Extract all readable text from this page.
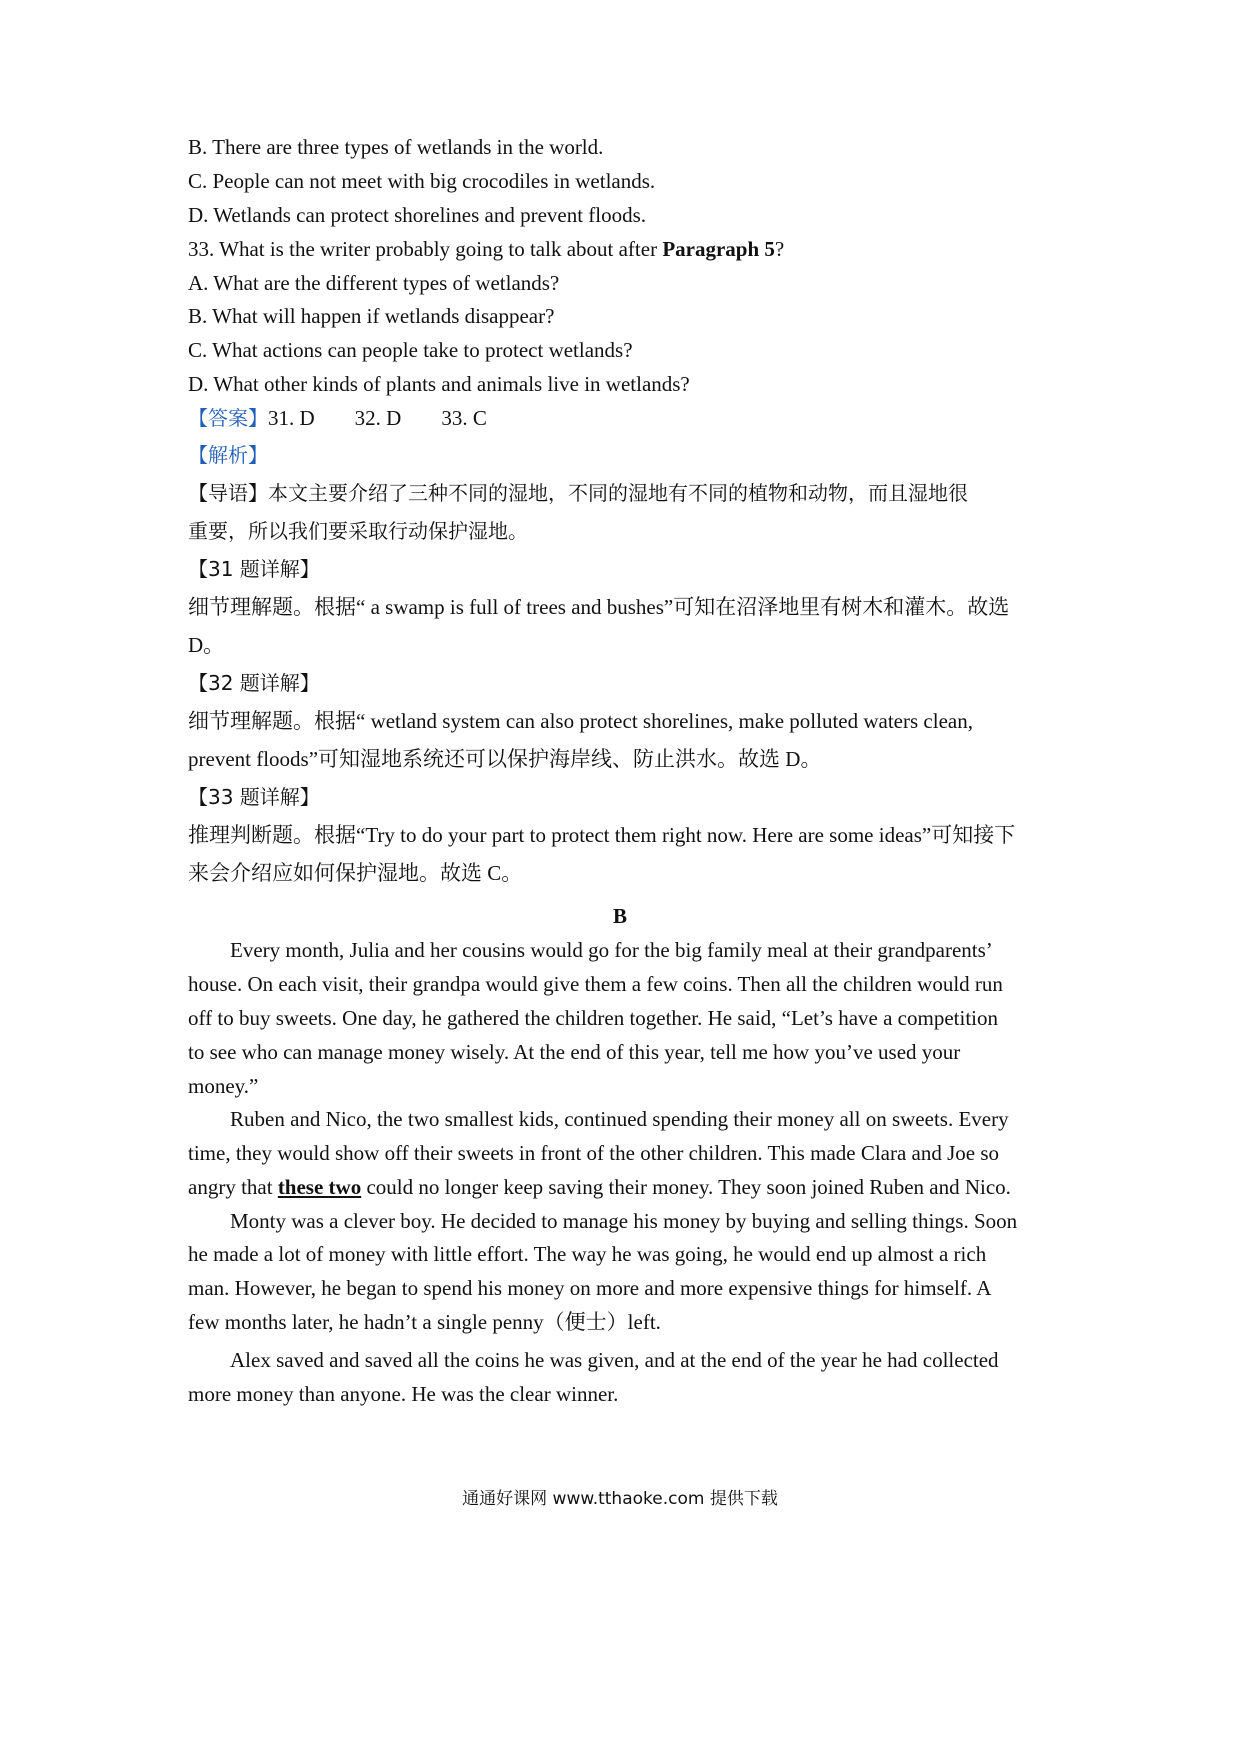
B. There are three types of wetlands in the world.
C. People can not meet with big crocodiles in wetlands.
D. Wetlands can protect shorelines and prevent floods.
33. What is the writer probably going to talk about after Paragraph 5?
A. What are the different types of wetlands?
B. What will happen if wetlands disappear?
C. What actions can people take to protect wetlands?
D. What other kinds of plants and animals live in wetlands?
【答案】31. D 32. D 33. C
【解析】
【导语】本文主要介绍了三种不同的湿地，不同的湿地有不同的植物和动物，而且湿地很
重要，所以我们要采取行动保护湿地。
【31 题详解】
细节理解题。根据“ a swamp is full of trees and bushes”可知在沼泽地里有树木和灌木。故选
D。
【32 题详解】
细节理解题。根据“ wetland system can also protect shorelines, make polluted waters clean,
prevent floods”可知湿地系统还可以保护海岸线、防止洪水。故选 D。
【33 题详解】
推理判断题。根据“Try to do your part to protect them right now. Here are some ideas”可知接下
来会介绍应如何保护湿地。故选 C。
B
Every month, Julia and her cousins would go for the big family meal at their grandparents’
house. On each visit, their grandpa would give them a few coins. Then all the children would run
off to buy sweets. One day, he gathered the children together. He said, “Let’s have a competition
to see who can manage money wisely. At the end of this year, tell me how you’ve used your
money.”
Ruben and Nico, the two smallest kids, continued spending their money all on sweets. Every
time, they would show off their sweets in front of the other children. This made Clara and Joe so
angry that these two could no longer keep saving their money. They soon joined Ruben and Nico.
Monty was a clever boy. He decided to manage his money by buying and selling things. Soon
he made a lot of money with little effort. The way he was going, he would end up almost a rich
man. However, he began to spend his money on more and more expensive things for himself. A
few months later, he hadn’t a single penny（便士）left.
Alex saved and saved all the coins he was given, and at the end of the year he had collected
more money than anyone. He was the clear winner.
通通好课网 www.tthaoke.com 提供下载
